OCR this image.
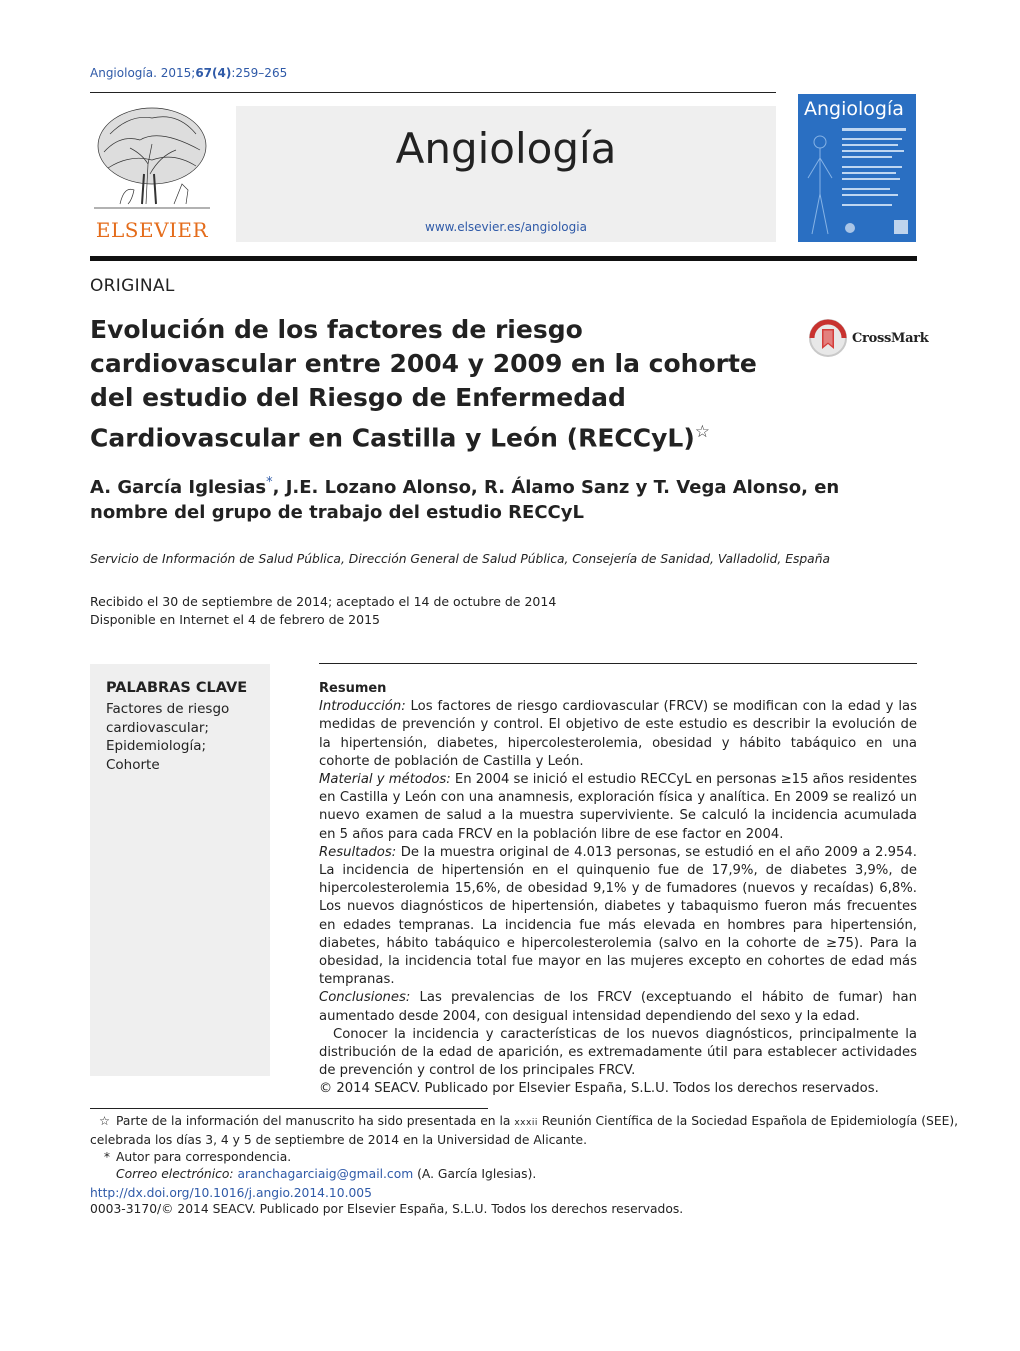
Angiología. 2015;67(4):259–265
ELSEVIER
Angiología
www.elsevier.es/angiologia
Angiología
ORIGINAL
Evolución de los factores de riesgo cardiovascular entre 2004 y 2009 en la cohorte del estudio del Riesgo de Enfermedad Cardiovascular en Castilla y León (RECCyL)☆
CrossMark
A. García Iglesias*, J.E. Lozano Alonso, R. Álamo Sanz y T. Vega Alonso, en nombre del grupo de trabajo del estudio RECCyL
Servicio de Información de Salud Pública, Dirección General de Salud Pública, Consejería de Sanidad, Valladolid, España
Recibido el 30 de septiembre de 2014; aceptado el 14 de octubre de 2014
Disponible en Internet el 4 de febrero de 2015
PALABRAS CLAVE
Factores de riesgo
cardiovascular;
Epidemiología;
Cohorte

Resumen

Introducción: Los factores de riesgo cardiovascular (FRCV) se modifican con la edad y las medidas de prevención y control. El objetivo de este estudio es describir la evolución de la hipertensión, diabetes, hipercolesterolemia, obesidad y hábito tabáquico en una cohorte de población de Castilla y León.

Material y métodos: En 2004 se inició el estudio RECCyL en personas ≥15 años residentes en Castilla y León con una anamnesis, exploración física y analítica. En 2009 se realizó un nuevo examen de salud a la muestra superviviente. Se calculó la incidencia acumulada en 5 años para cada FRCV en la población libre de ese factor en 2004.

Resultados: De la muestra original de 4.013 personas, se estudió en el año 2009 a 2.954. La incidencia de hipertensión en el quinquenio fue de 17,9%, de diabetes 3,9%, de hipercolesterolemia 15,6%, de obesidad 9,1% y de fumadores (nuevos y recaídas) 6,8%. Los nuevos diagnósticos de hipertensión, diabetes y tabaquismo fueron más frecuentes en edades tempranas. La incidencia fue más elevada en hombres para hipertensión, diabetes, hábito tabáquico e hipercolesterolemia (salvo en la cohorte de ≥75). Para la obesidad, la incidencia total fue mayor en las mujeres excepto en cohortes de edad más tempranas.

Conclusiones: Las prevalencias de los FRCV (exceptuando el hábito de fumar) han aumentado desde 2004, con desigual intensidad dependiendo del sexo y la edad.

Conocer la incidencia y características de los nuevos diagnósticos, principalmente la distribución de la edad de aparición, es extremadamente útil para establecer actividades de prevención y control de los principales FRCV.

© 2014 SEACV. Publicado por Elsevier España, S.L.U. Todos los derechos reservados.

☆ Parte de la información del manuscrito ha sido presentada en la xxxii Reunión Científica de la Sociedad Española de Epidemiología (SEE),
celebrada los días 3, 4 y 5 de septiembre de 2014 en la Universidad de Alicante.
* Autor para correspondencia.
Correo electrónico: aranchagarciaig@gmail.com (A. García Iglesias).
http://dx.doi.org/10.1016/j.angio.2014.10.005
0003-3170/© 2014 SEACV. Publicado por Elsevier España, S.L.U. Todos los derechos reservados.
